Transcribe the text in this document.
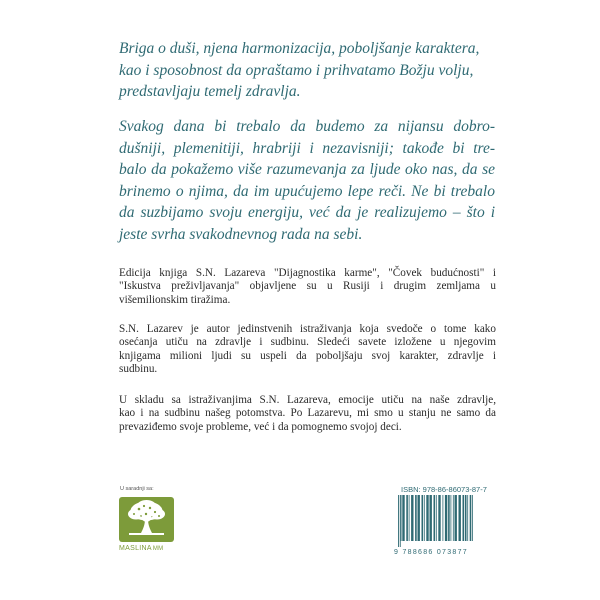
Briga o duši, njena harmonizacija, poboljšanje karaktera,
kao i sposobnost da opraštamo i prihvatamo Božju volju,
predstavljaju temelj zdravlja.
Svakog dana bi trebalo da budemo za nijansu dobro-
dušniji, plemenitiji, hrabriji i nezavisniji; takođe bi tre-
balo da pokažemo više razumevanja za ljude oko nas, da se
brinemo o njima, da im upućujemo lepe reči. Ne bi trebalo
da suzbijamo svoju energiju, već da je realizujemo – što i
jeste svrha svakodnevnog rada na sebi.
Edicija knjiga S.N. Lazareva "Dijagnostika karme", "Čovek budućnosti" i
"Iskustva preživljavanja" objavljene su u Rusiji i drugim zemljama u
višemilionskim tiražima.
S.N. Lazarev je autor jedinstvenih istraživanja koja svedoče o tome kako
osećanja utiču na zdravlje i sudbinu. Sledeći savete izložene u njegovim
knjigama milioni ljudi su uspeli da poboljšaju svoj karakter, zdravlje i
sudbinu.
U skladu sa istraživanjima S.N. Lazareva, emocije utiču na naše zdravlje,
kao i na sudbinu našeg potomstva. Po Lazarevu, mi smo u stanju ne samo da
prevaziđemo svoje probleme, već i da pomognemo svojoj deci.
U saradnji sa:
MASLINAMM
ISBN: 978-86-86073-87-7
9 788686 073877
